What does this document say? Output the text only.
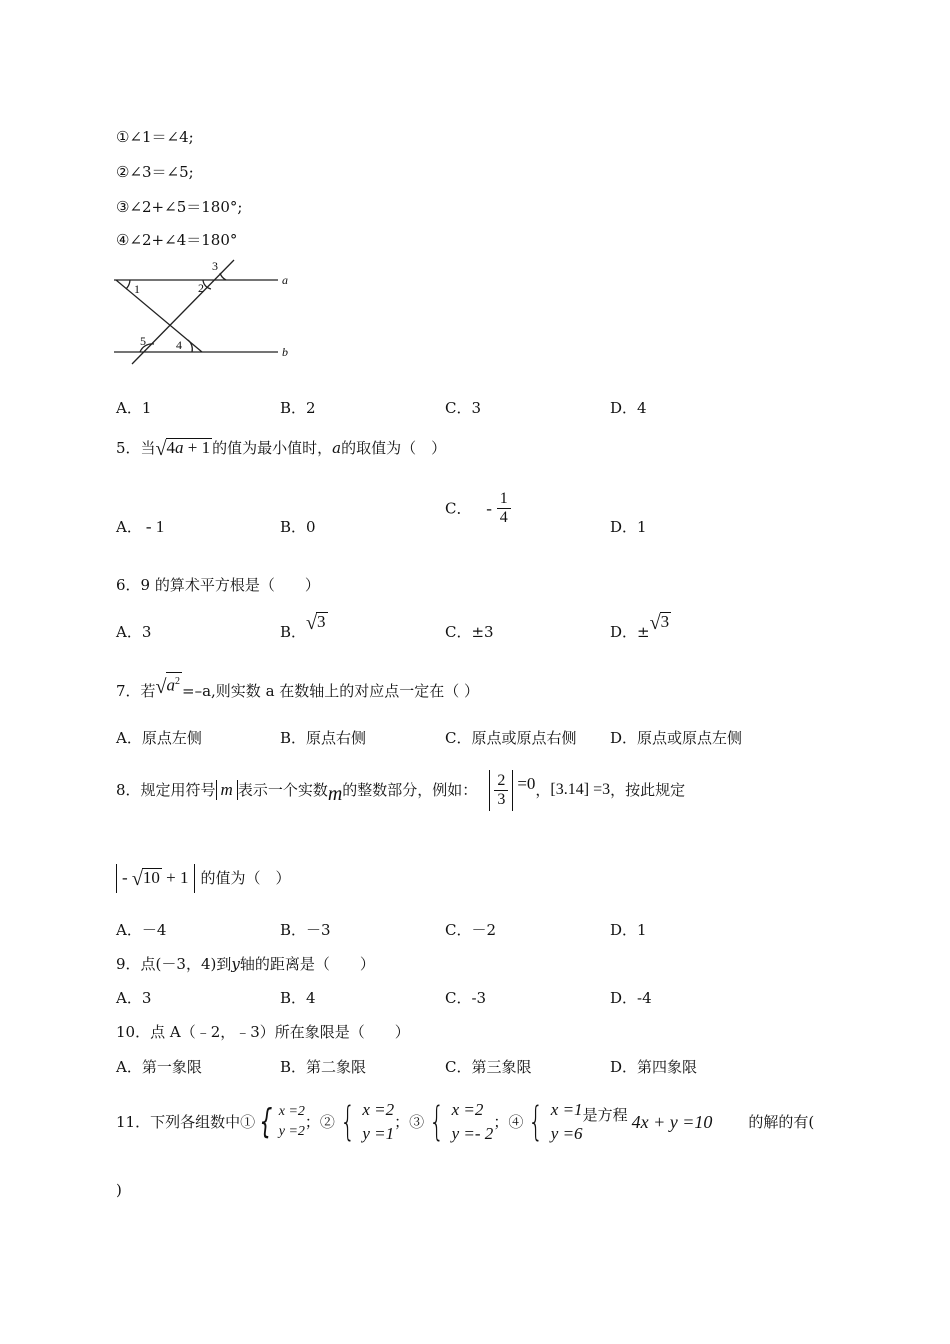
①∠1＝∠4;
②∠3＝∠5;
③∠2+∠5＝180°;
④∠2+∠4＝180°
1	2
3
5	4
a
b
A．1	B．2	C．3	D．4
5．当√4a + 1 的值为最小值时，a的取值为（　）
A． - 1	B．0
C． - $\frac{1}{4}$	D．1
6．9 的算术平方根是（　　）
A．3	B．√3
C．±3	D．±√3
7．若$√a^2=-a$,则实数 a 在数轴上的对应点一定在（ ）
A．原点左侧	B．原点右侧	C．原点或原点右侧 D．原点或原点左侧
8．规定用符号 m 表示一个实数 m 的整数部分，例如： $\frac{2}{3} =0$ ， [3.14] =3 ，按此规定
- √10 + 1 的值为（　）
A．－4	B．－3	C．－2	D．1
9．点(－3，4)到y轴的距离是（　　）
A．3	B．4	C．-3	D．-4
10．点 A（﹣2，﹣3）所在象限是（　　）
A．第一象限	B．第二象限	C．第三象限	D．第四象限
11．下列各组数中① { x =2
y =2
；② { x =2
y =1
；③ { x =2
y =- 2
；④ { x =1
y =6
是方程 4x + y =10 的解的有(
)
